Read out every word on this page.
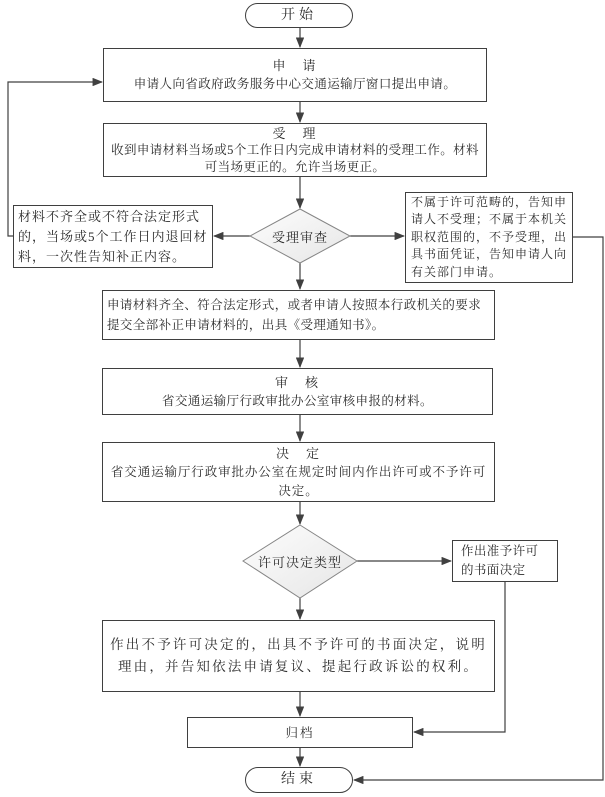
开始
申　请
申请人向省政府政务服务中心交通运输厅窗口提出申请。
受　理
收到申请材料当场或5个工作日内完成申请材料的受理工作。材料可当场更正的。允许当场更正。
受理审查
材料不齐全或不符合法定形式的，当场或5个工作日内退回材料，一次性告知补正内容。
不属于许可范畴的，告知申请人不受理；不属于本机关职权范围的，不予受理，出具书面凭证，告知申请人向有关部门申请。
申请材料齐全、符合法定形式，或者申请人按照本行政机关的要求提交全部补正申请材料的，出具《受理通知书》。
审　核
省交通运输厅行政审批办公室审核申报的材料。
决　定
省交通运输厅行政审批办公室在规定时间内作出许可或不予许可决定。
许可决定类型
作出准予许可的书面决定
作出不予许可决定的，出具不予许可的书面决定，说明理由，并告知依法申请复议、提起行政诉讼的权利。
归档
结束
